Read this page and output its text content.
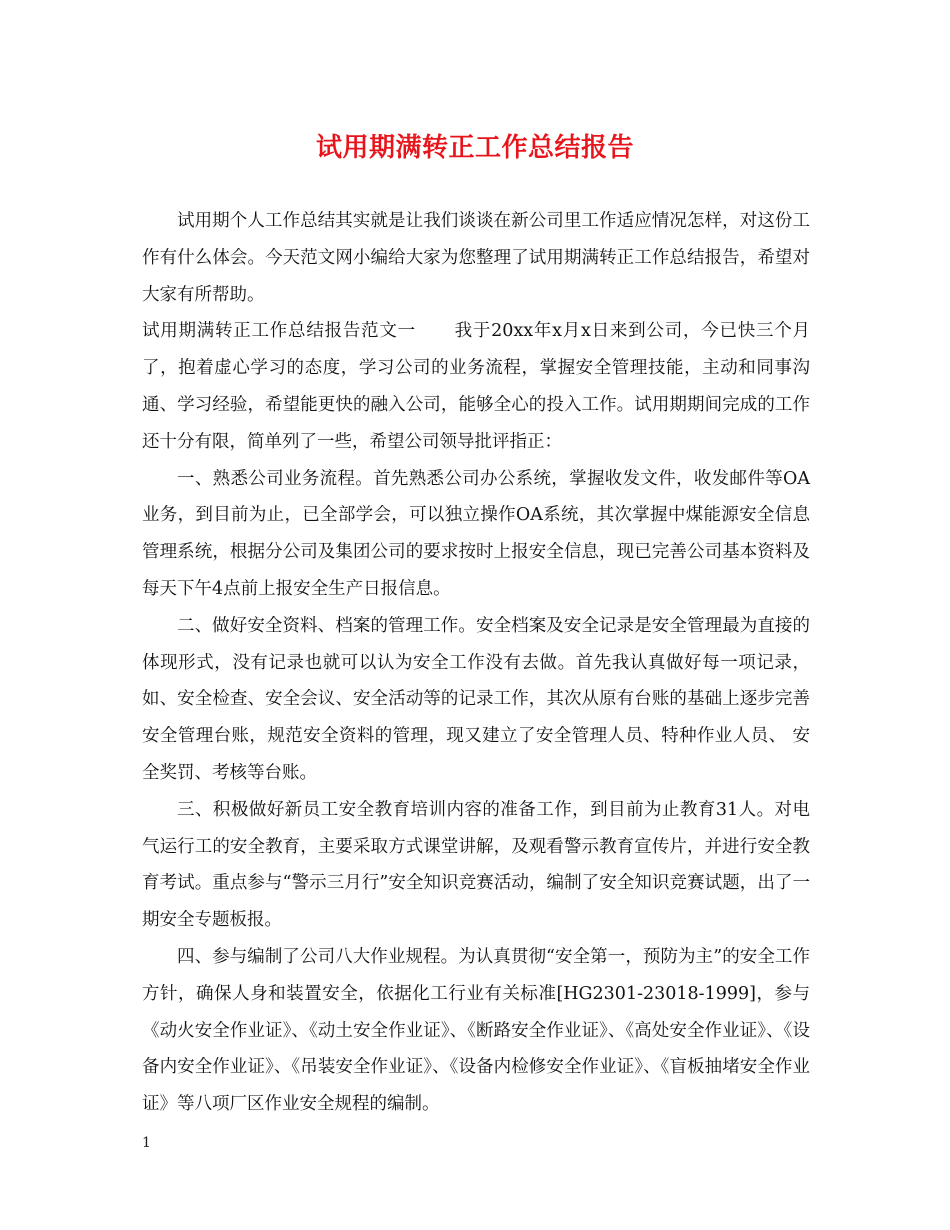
试用期满转正工作总结报告

试用期个人工作总结其实就是让我们谈谈在新公司里工作适应情况怎样，对这份工作有什么体会。今天范文网小编给大家为您整理了试用期满转正工作总结报告，希望对大家有所帮助。

试用期满转正工作总结报告范文一 我于20xx年x月x日来到公司，今已快三个月了，抱着虚心学习的态度，学习公司的业务流程，掌握安全管理技能，主动和同事沟通、学习经验，希望能更快的融入公司，能够全心的投入工作。试用期期间完成的工作还十分有限，简单列了一些，希望公司领导批评指正：

一、熟悉公司业务流程。首先熟悉公司办公系统，掌握收发文件，收发邮件等OA业务，到目前为止，已全部学会，可以独立操作OA系统，其次掌握中煤能源安全信息管理系统，根据分公司及集团公司的要求按时上报安全信息，现已完善公司基本资料及每天下午4点前上报安全生产日报信息。

二、做好安全资料、档案的管理工作。安全档案及安全记录是安全管理最为直接的体现形式，没有记录也就可以认为安全工作没有去做。首先我认真做好每一项记录，如、安全检查、安全会议、安全活动等的记录工作，其次从原有台账的基础上逐步完善安全管理台账，规范安全资料的管理，现又建立了安全管理人员、特种作业人员、 安全奖罚、考核等台账。

三、积极做好新员工安全教育培训内容的准备工作，到目前为止教育31人。对电气运行工的安全教育，主要采取方式课堂讲解，及观看警示教育宣传片，并进行安全教育考试。重点参与“警示三月行”安全知识竞赛活动，编制了安全知识竞赛试题，出了一期安全专题板报。

四、参与编制了公司八大作业规程。为认真贯彻“安全第一，预防为主”的安全工作方针，确保人身和装置安全，依据化工行业有关标准[HG2301-23018-1999]，参与《动火安全作业证》、《动土安全作业证》、《断路安全作业证》、《高处安全作业证》、《设备内安全作业证》、《吊装安全作业证》、《设备内检修安全作业证》、《盲板抽堵安全作业证》等八项厂区作业安全规程的编制。

1
